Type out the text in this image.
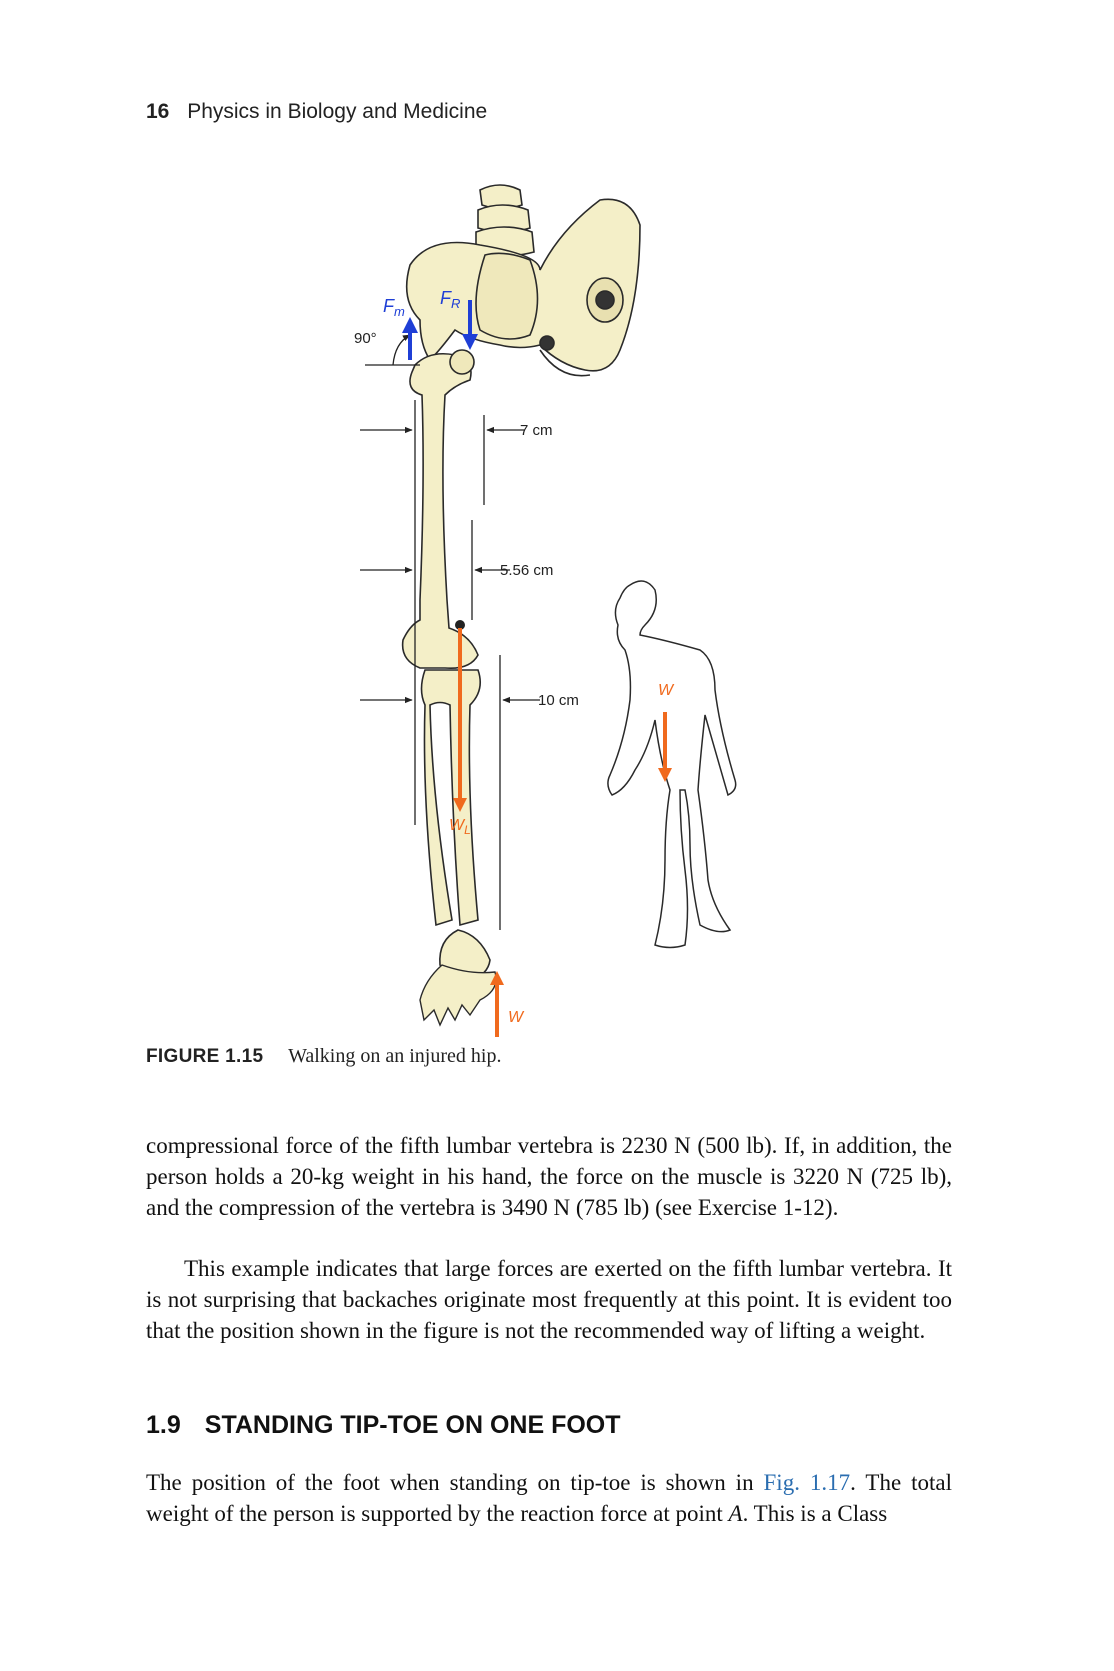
16 Physics in Biology and Medicine
$F_m$
$F_R$
90°
7 cm
5.56 cm
10 cm
$W_L$
W
W
FIGURE 1.15 Walking on an injured hip.

compressional force of the fifth lumbar vertebra is 2230 N (500 lb). If, in addition, the person holds a 20-kg weight in his hand, the force on the muscle is 3220 N (725 lb), and the compression of the vertebra is 3490 N (785 lb) (see Exercise 1-12).

This example indicates that large forces are exerted on the fifth lumbar vertebra. It is not surprising that backaches originate most frequently at this point. It is evident too that the position shown in the figure is not the recommended way of lifting a weight.

1.9 STANDING TIP-TOE ON ONE FOOT

The position of the foot when standing on tip-toe is shown in Fig. 1.17. The total weight of the person is supported by the reaction force at point A. This is a Class
